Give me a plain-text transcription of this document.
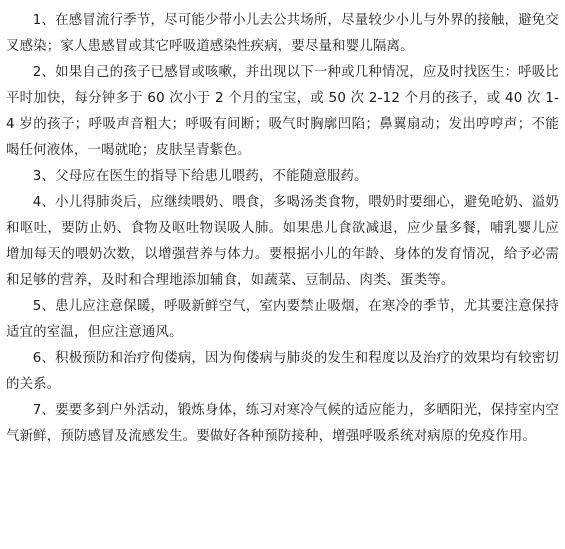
1、在感冒流行季节，尽可能少带小儿去公共场所，尽量较少小儿与外界的接触，避免交叉感染；家人患感冒或其它呼吸道感染性疾病，要尽量和婴儿隔离。

2、如果自己的孩子已感冒或咳嗽，并出现以下一种或几种情况，应及时找医生：呼吸比平时加快，每分钟多于 60 次小于 2 个月的宝宝，或 50 次 2-12 个月的孩子，或 40 次 1-4 岁的孩子；呼吸声音粗大；呼吸有间断；吸气时胸廓凹陷；鼻翼扇动；发出哼哼声；不能喝任何液体，一喝就呛；皮肤呈青紫色。

3、父母应在医生的指导下给患儿喂药，不能随意服药。

4、小儿得肺炎后，应继续喂奶、喂食，多喝汤类食物，喂奶时要细心，避免呛奶、溢奶和呕吐，要防止奶、食物及呕吐物误吸人肺。如果患儿食欲减退，应少量多餐，哺乳婴儿应增加每天的喂奶次数，以增强营养与体力。要根据小儿的年龄、身体的发育情况，给予必需和足够的营养，及时和合理地添加辅食，如蔬菜、豆制品、肉类、蛋类等。

5、患儿应注意保暖，呼吸新鲜空气，室内要禁止吸烟，在寒冷的季节，尤其要注意保持适宜的室温，但应注意通风。

6、积极预防和治疗佝偻病，因为佝偻病与肺炎的发生和程度以及治疗的效果均有较密切的关系。

7、要要多到户外活动，锻炼身体，练习对寒冷气候的适应能力，多晒阳光，保持室内空气新鲜，预防感冒及流感发生。要做好各种预防接种，增强呼吸系统对病原的免疫作用。
